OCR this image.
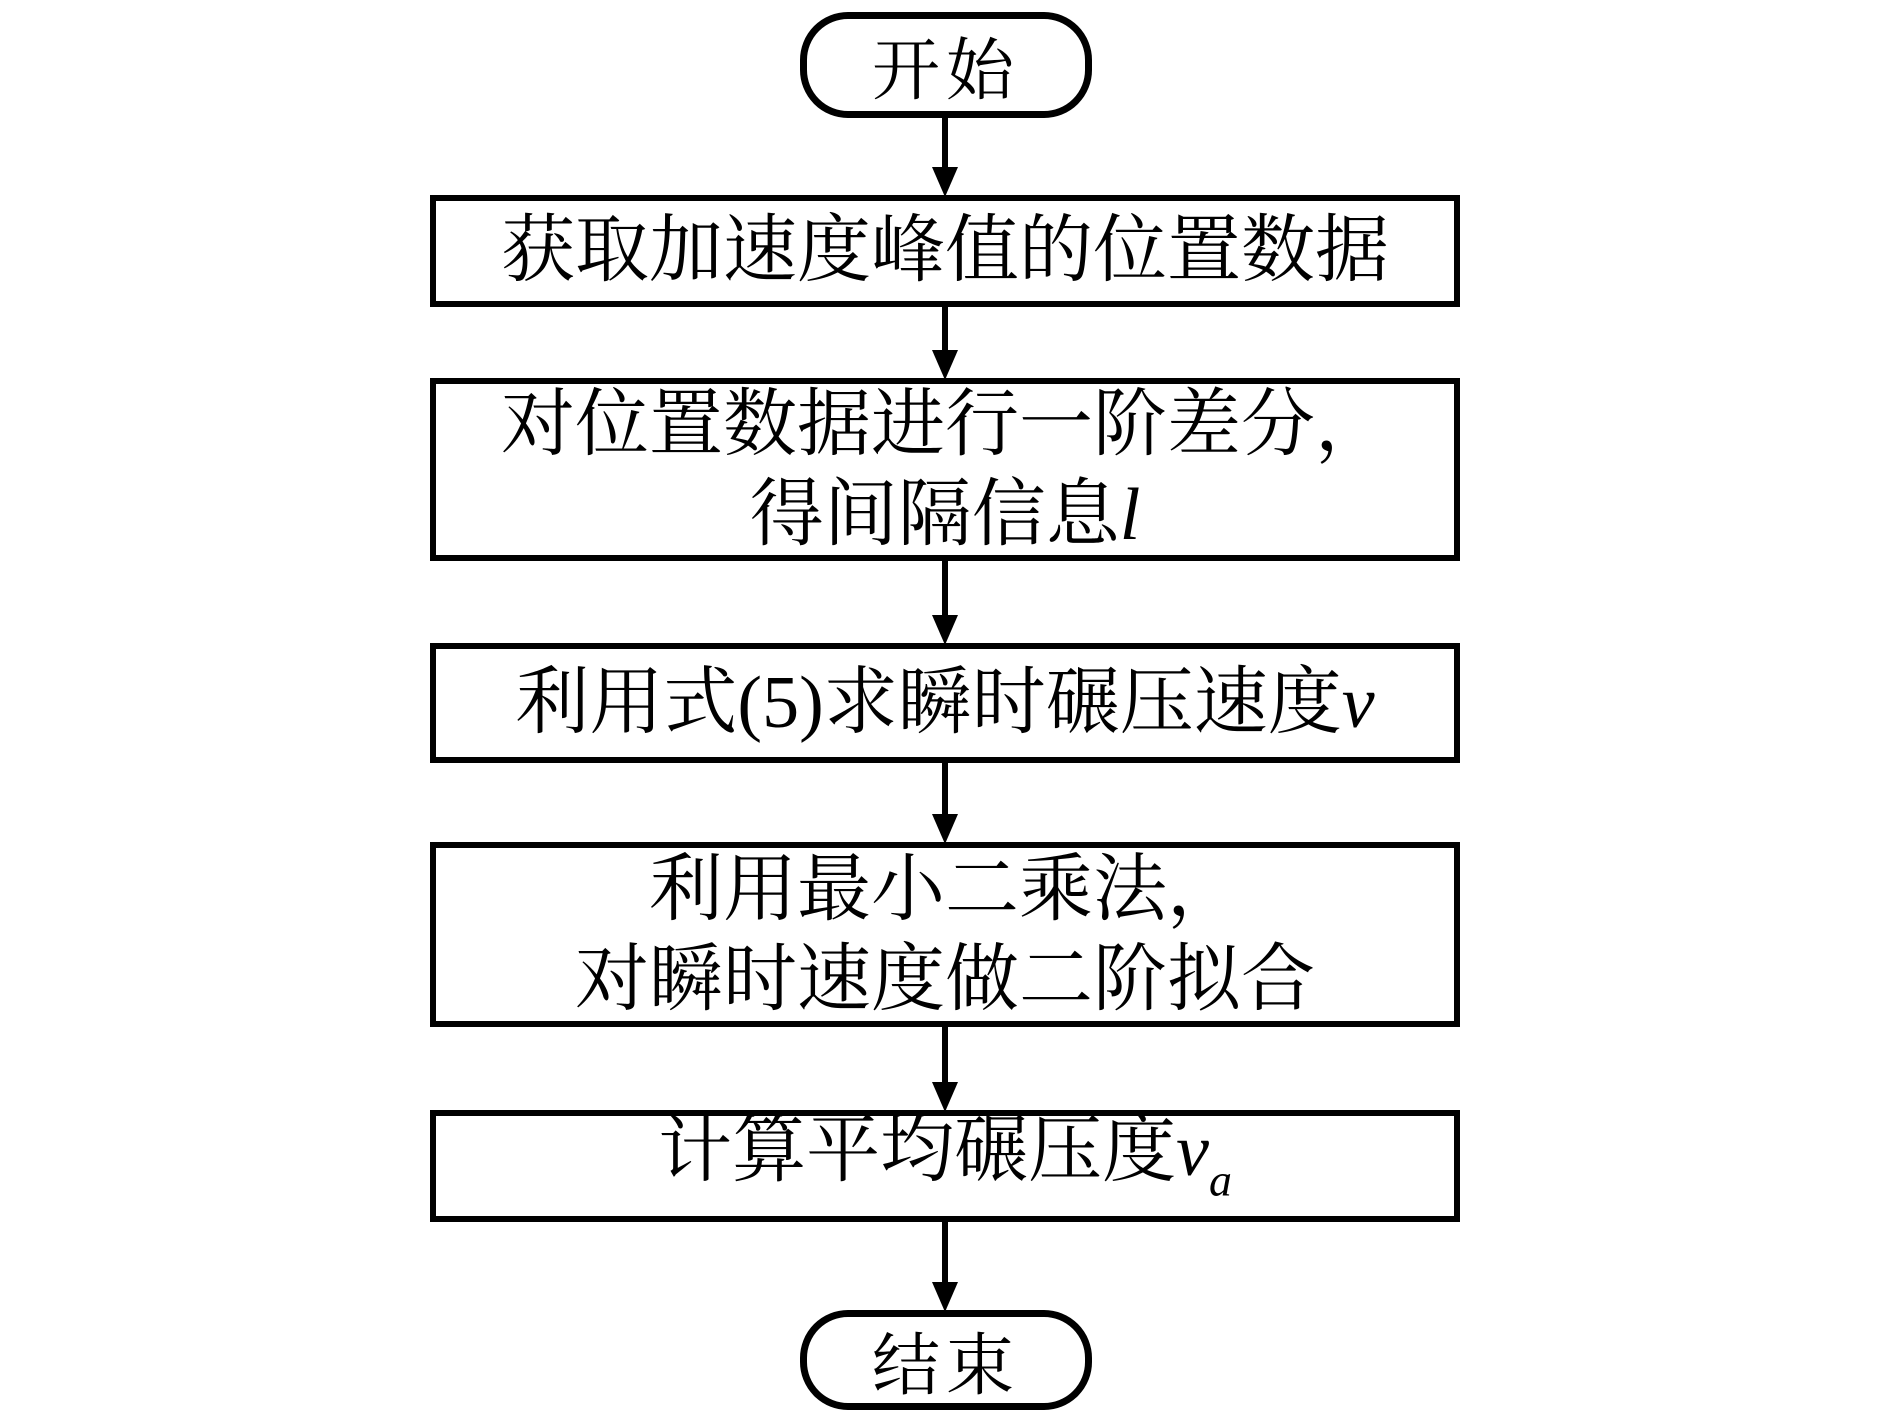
开始
获取加速度峰值的位置数据
对位置数据进行一阶差分，
得间隔信息l
利用式(5)求瞬时碾压速度v
利用最小二乘法，
对瞬时速度做二阶拟合
计算平均碾压度$v_a$
结束
